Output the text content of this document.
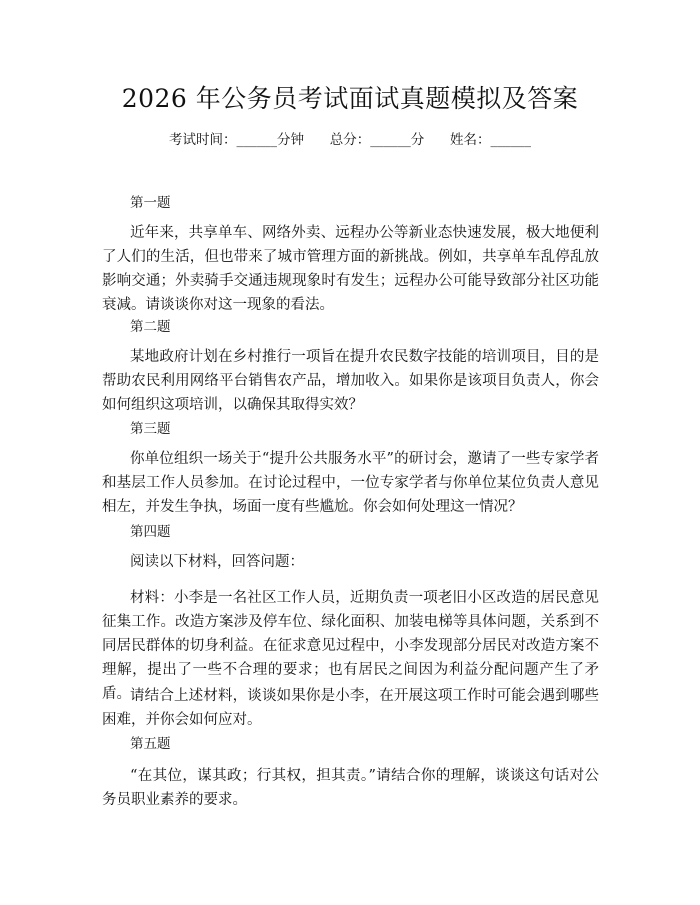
2026 年公务员考试面试真题模拟及答案
考试时间：______分钟      总分：______分      姓名：______
第一题
近年来，共享单车、网络外卖、远程办公等新业态快速发展，极大地便利了人们的生活，但也带来了城市管理方面的新挑战。例如，共享单车乱停乱放影响交通；外卖骑手交通违规现象时有发生；远程办公可能导致部分社区功能衰减。请谈谈你对这一现象的看法。
第二题
某地政府计划在乡村推行一项旨在提升农民数字技能的培训项目，目的是帮助农民利用网络平台销售农产品，增加收入。如果你是该项目负责人，你会如何组织这项培训，以确保其取得实效？
第三题
你单位组织一场关于“提升公共服务水平”的研讨会，邀请了一些专家学者和基层工作人员参加。在讨论过程中，一位专家学者与你单位某位负责人意见相左，并发生争执，场面一度有些尴尬。你会如何处理这一情况？
第四题
阅读以下材料，回答问题：
材料：小李是一名社区工作人员，近期负责一项老旧小区改造的居民意见征集工作。改造方案涉及停车位、绿化面积、加装电梯等具体问题，关系到不同居民群体的切身利益。在征求意见过程中，小李发现部分居民对改造方案不理解，提出了一些不合理的要求；也有居民之间因为利益分配问题产生了矛盾。 请结合上述材料，谈谈如果你是小李，在开展这项工作时可能会遇到哪些困难，并你会如何应对。
第五题
“在其位，谋其政；行其权，担其责。”请结合你的理解，谈谈这句话对公务员职业素养的要求。
